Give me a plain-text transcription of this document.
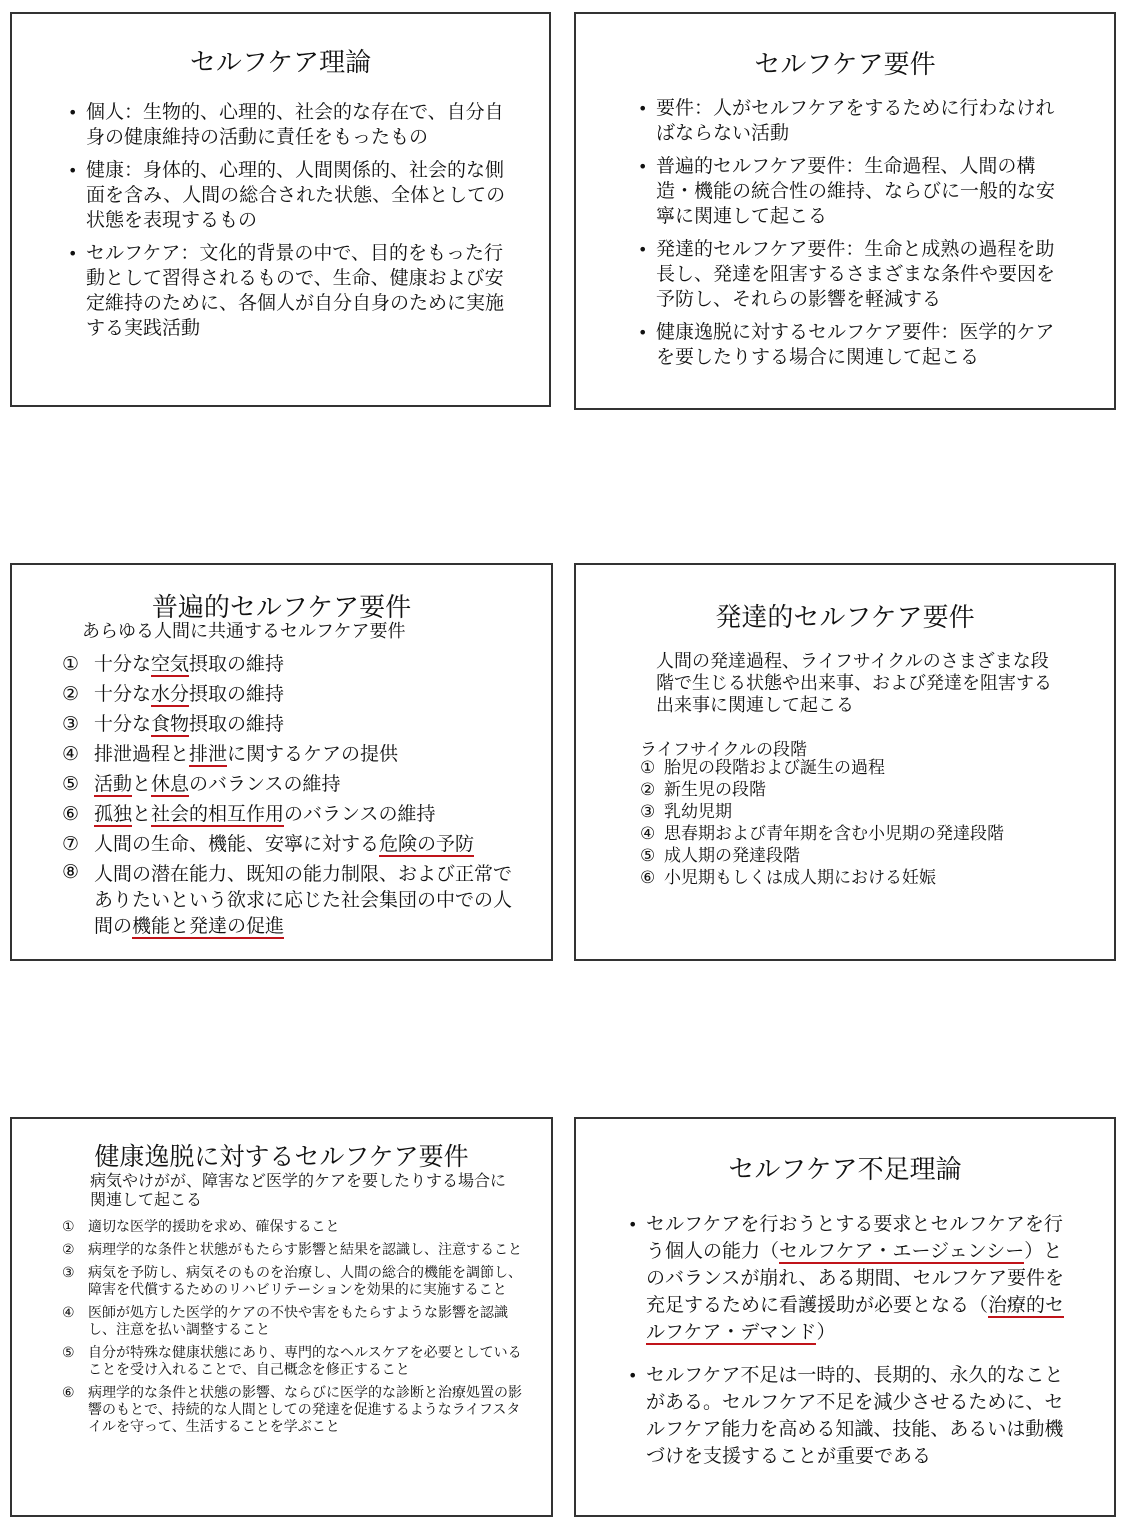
セルフケア理論
• 個人：生物的、心理的、社会的な存在で、自分自身の健康維持の活動に責任をもったもの
• 健康：身体的、心理的、人間関係的、社会的な側面を含み、人間の総合された状態、全体としての状態を表現するもの
• セルフケア：文化的背景の中で、目的をもった行動として習得されるもので、生命、健康および安定維持のために、各個人が自分自身のために実施する実践活動
セルフケア要件
• 要件：人がセルフケアをするために行わなければならない活動
• 普遍的セルフケア要件：生命過程、人間の構造・機能の統合性の維持、ならびに一般的な安寧に関連して起こる
• 発達的セルフケア要件：生命と成熟の過程を助長し、発達を阻害するさまざまな条件や要因を予防し、それらの影響を軽減する
• 健康逸脱に対するセルフケア要件：医学的ケアを要したりする場合に関連して起こる
普遍的セルフケア要件
あらゆる人間に共通するセルフケア要件
① 十分な空気摂取の維持
② 十分な水分摂取の維持
③ 十分な食物摂取の維持
④ 排泄過程と排泄に関するケアの提供
⑤ 活動と休息のバランスの維持
⑥ 孤独と社会的相互作用のバランスの維持
⑦ 人間の生命、機能、安寧に対する危険の予防
⑧ 人間の潜在能力、既知の能力制限、および正常でありたいという欲求に応じた社会集団の中での人間の機能と発達の促進
発達的セルフケア要件
人間の発達過程、ライフサイクルのさまざまな段階で生じる状態や出来事、および発達を阻害する出来事に関連して起こる
ライフサイクルの段階
① 胎児の段階および誕生の過程
② 新生児の段階
③ 乳幼児期
④ 思春期および青年期を含む小児期の発達段階
⑤ 成人期の発達段階
⑥ 小児期もしくは成人期における妊娠
健康逸脱に対するセルフケア要件
病気やけがが、障害など医学的ケアを要したりする場合に関連して起こる
① 適切な医学的援助を求め、確保すること
② 病理学的な条件と状態がもたらす影響と結果を認識し、注意すること
③ 病気を予防し、病気そのものを治療し、人間の総合的機能を調節し、障害を代償するためのリハビリテーションを効果的に実施すること
④ 医師が処方した医学的ケアの不快や害をもたらすような影響を認識し、注意を払い調整すること
⑤ 自分が特殊な健康状態にあり、専門的なヘルスケアを必要としていることを受け入れることで、自己概念を修正すること
⑥ 病理学的な条件と状態の影響、ならびに医学的な診断と治療処置の影響のもとで、持続的な人間としての発達を促進するようなライフスタイルを守って、生活することを学ぶこと
セルフケア不足理論
• セルフケアを行おうとする要求とセルフケアを行う個人の能力（セルフケア・エージェンシー）とのバランスが崩れ、ある期間、セルフケア要件を充足するために看護援助が必要となる（治療的セルフケア・デマンド）
• セルフケア不足は一時的、長期的、永久的なことがある。セルフケア不足を減少させるために、セルフケア能力を高める知識、技能、あるいは動機づけを支援することが重要である
